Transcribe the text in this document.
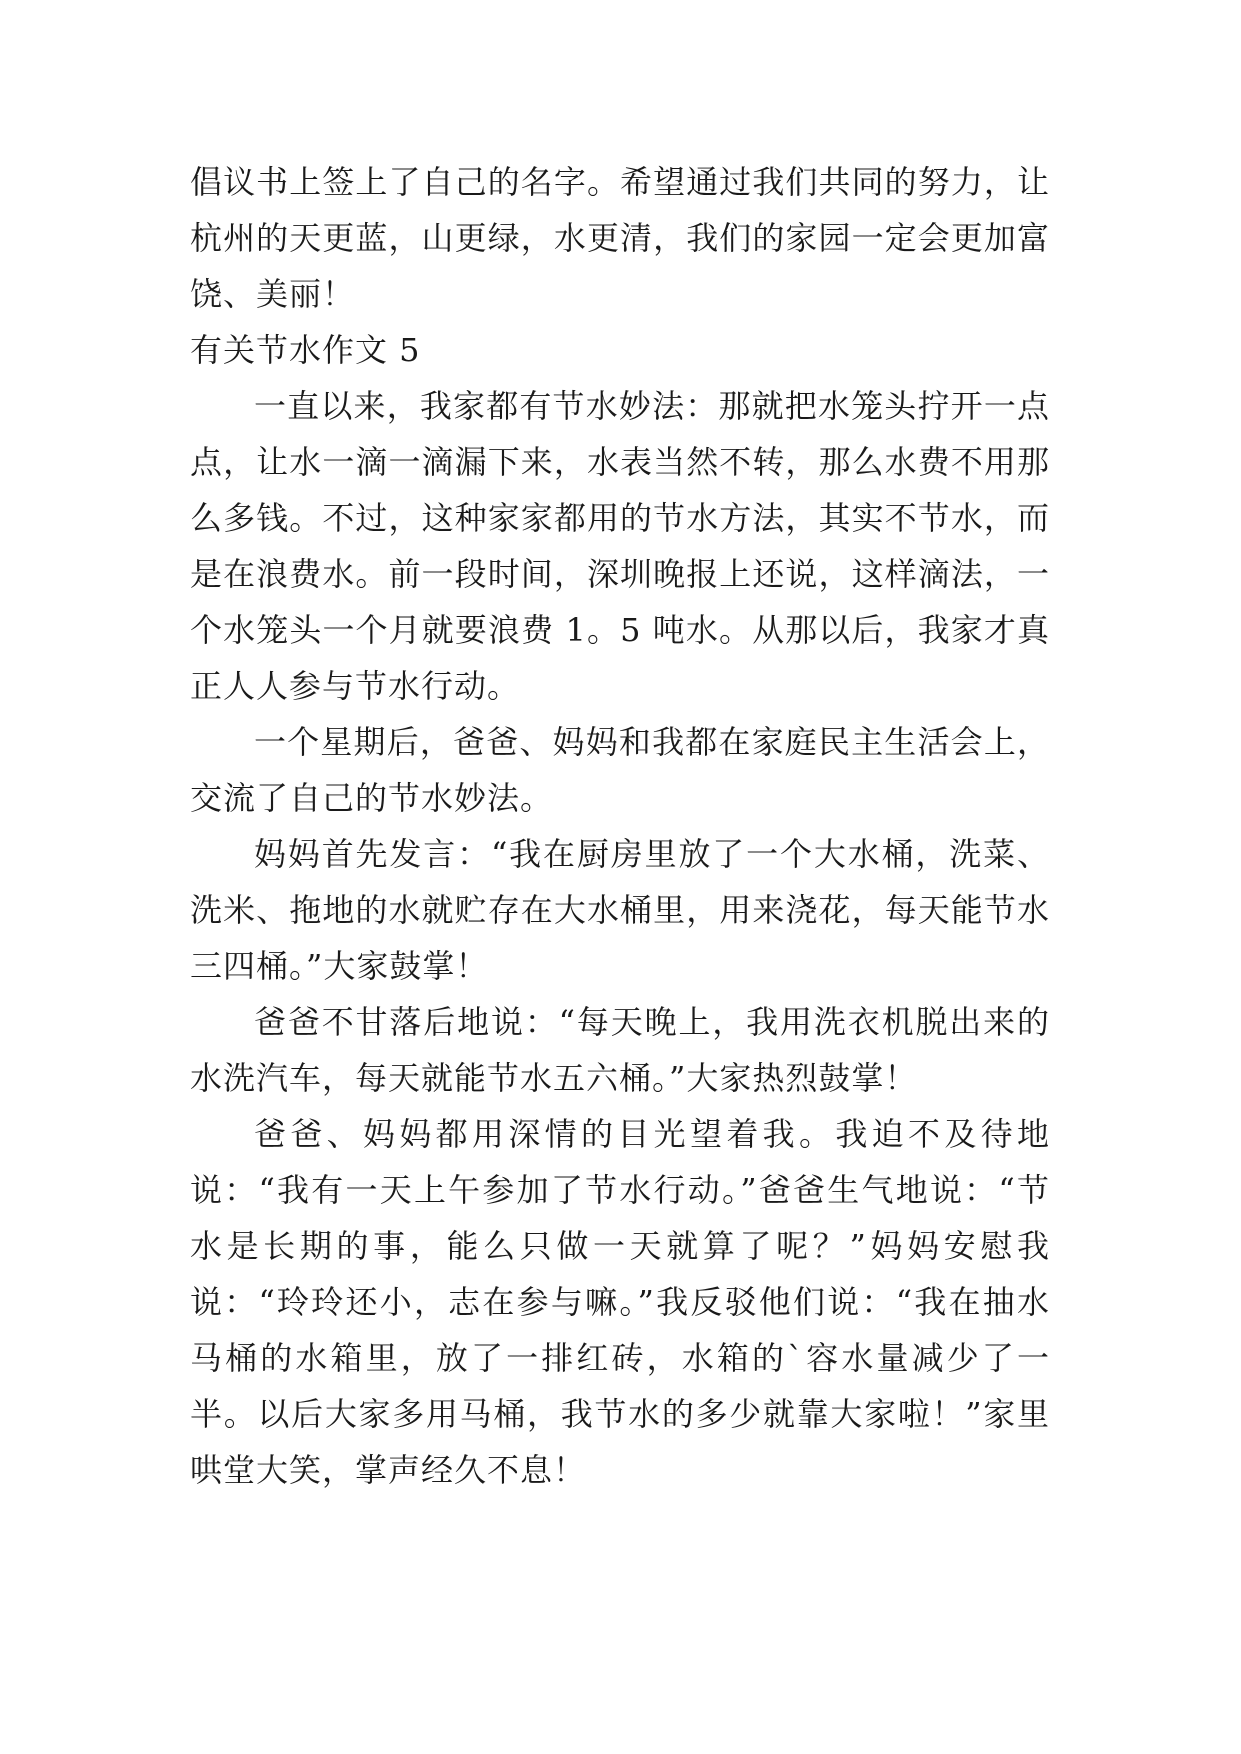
倡议书上签上了自己的名字。希望通过我们共同的努力，让杭州的天更蓝，山更绿，水更清，我们的家园一定会更加富饶、美丽！

有关节水作文 5

一直以来，我家都有节水妙法：那就把水笼头拧开一点点，让水一滴一滴漏下来，水表当然不转，那么水费不用那么多钱。不过，这种家家都用的节水方法，其实不节水，而是在浪费水。前一段时间，深圳晚报上还说，这样滴法，一个水笼头一个月就要浪费 1。5 吨水。从那以后，我家才真正人人参与节水行动。

一个星期后，爸爸、妈妈和我都在家庭民主生活会上，交流了自己的节水妙法。

妈妈首先发言：“我在厨房里放了一个大水桶，洗菜、洗米、拖地的水就贮存在大水桶里，用来浇花，每天能节水三四桶。”大家鼓掌！

爸爸不甘落后地说：“每天晚上，我用洗衣机脱出来的水洗汽车，每天就能节水五六桶。”大家热烈鼓掌！

爸爸、妈妈都用深情的目光望着我。我迫不及待地说：“我有一天上午参加了节水行动。”爸爸生气地说：“节水是长期的事，能么只做一天就算了呢？”妈妈安慰我说：“玲玲还小，志在参与嘛。”我反驳他们说：“我在抽水马桶的水箱里，放了一排红砖，水箱的`容水量减少了一半。以后大家多用马桶，我节水的多少就靠大家啦！”家里哄堂大笑，掌声经久不息！
